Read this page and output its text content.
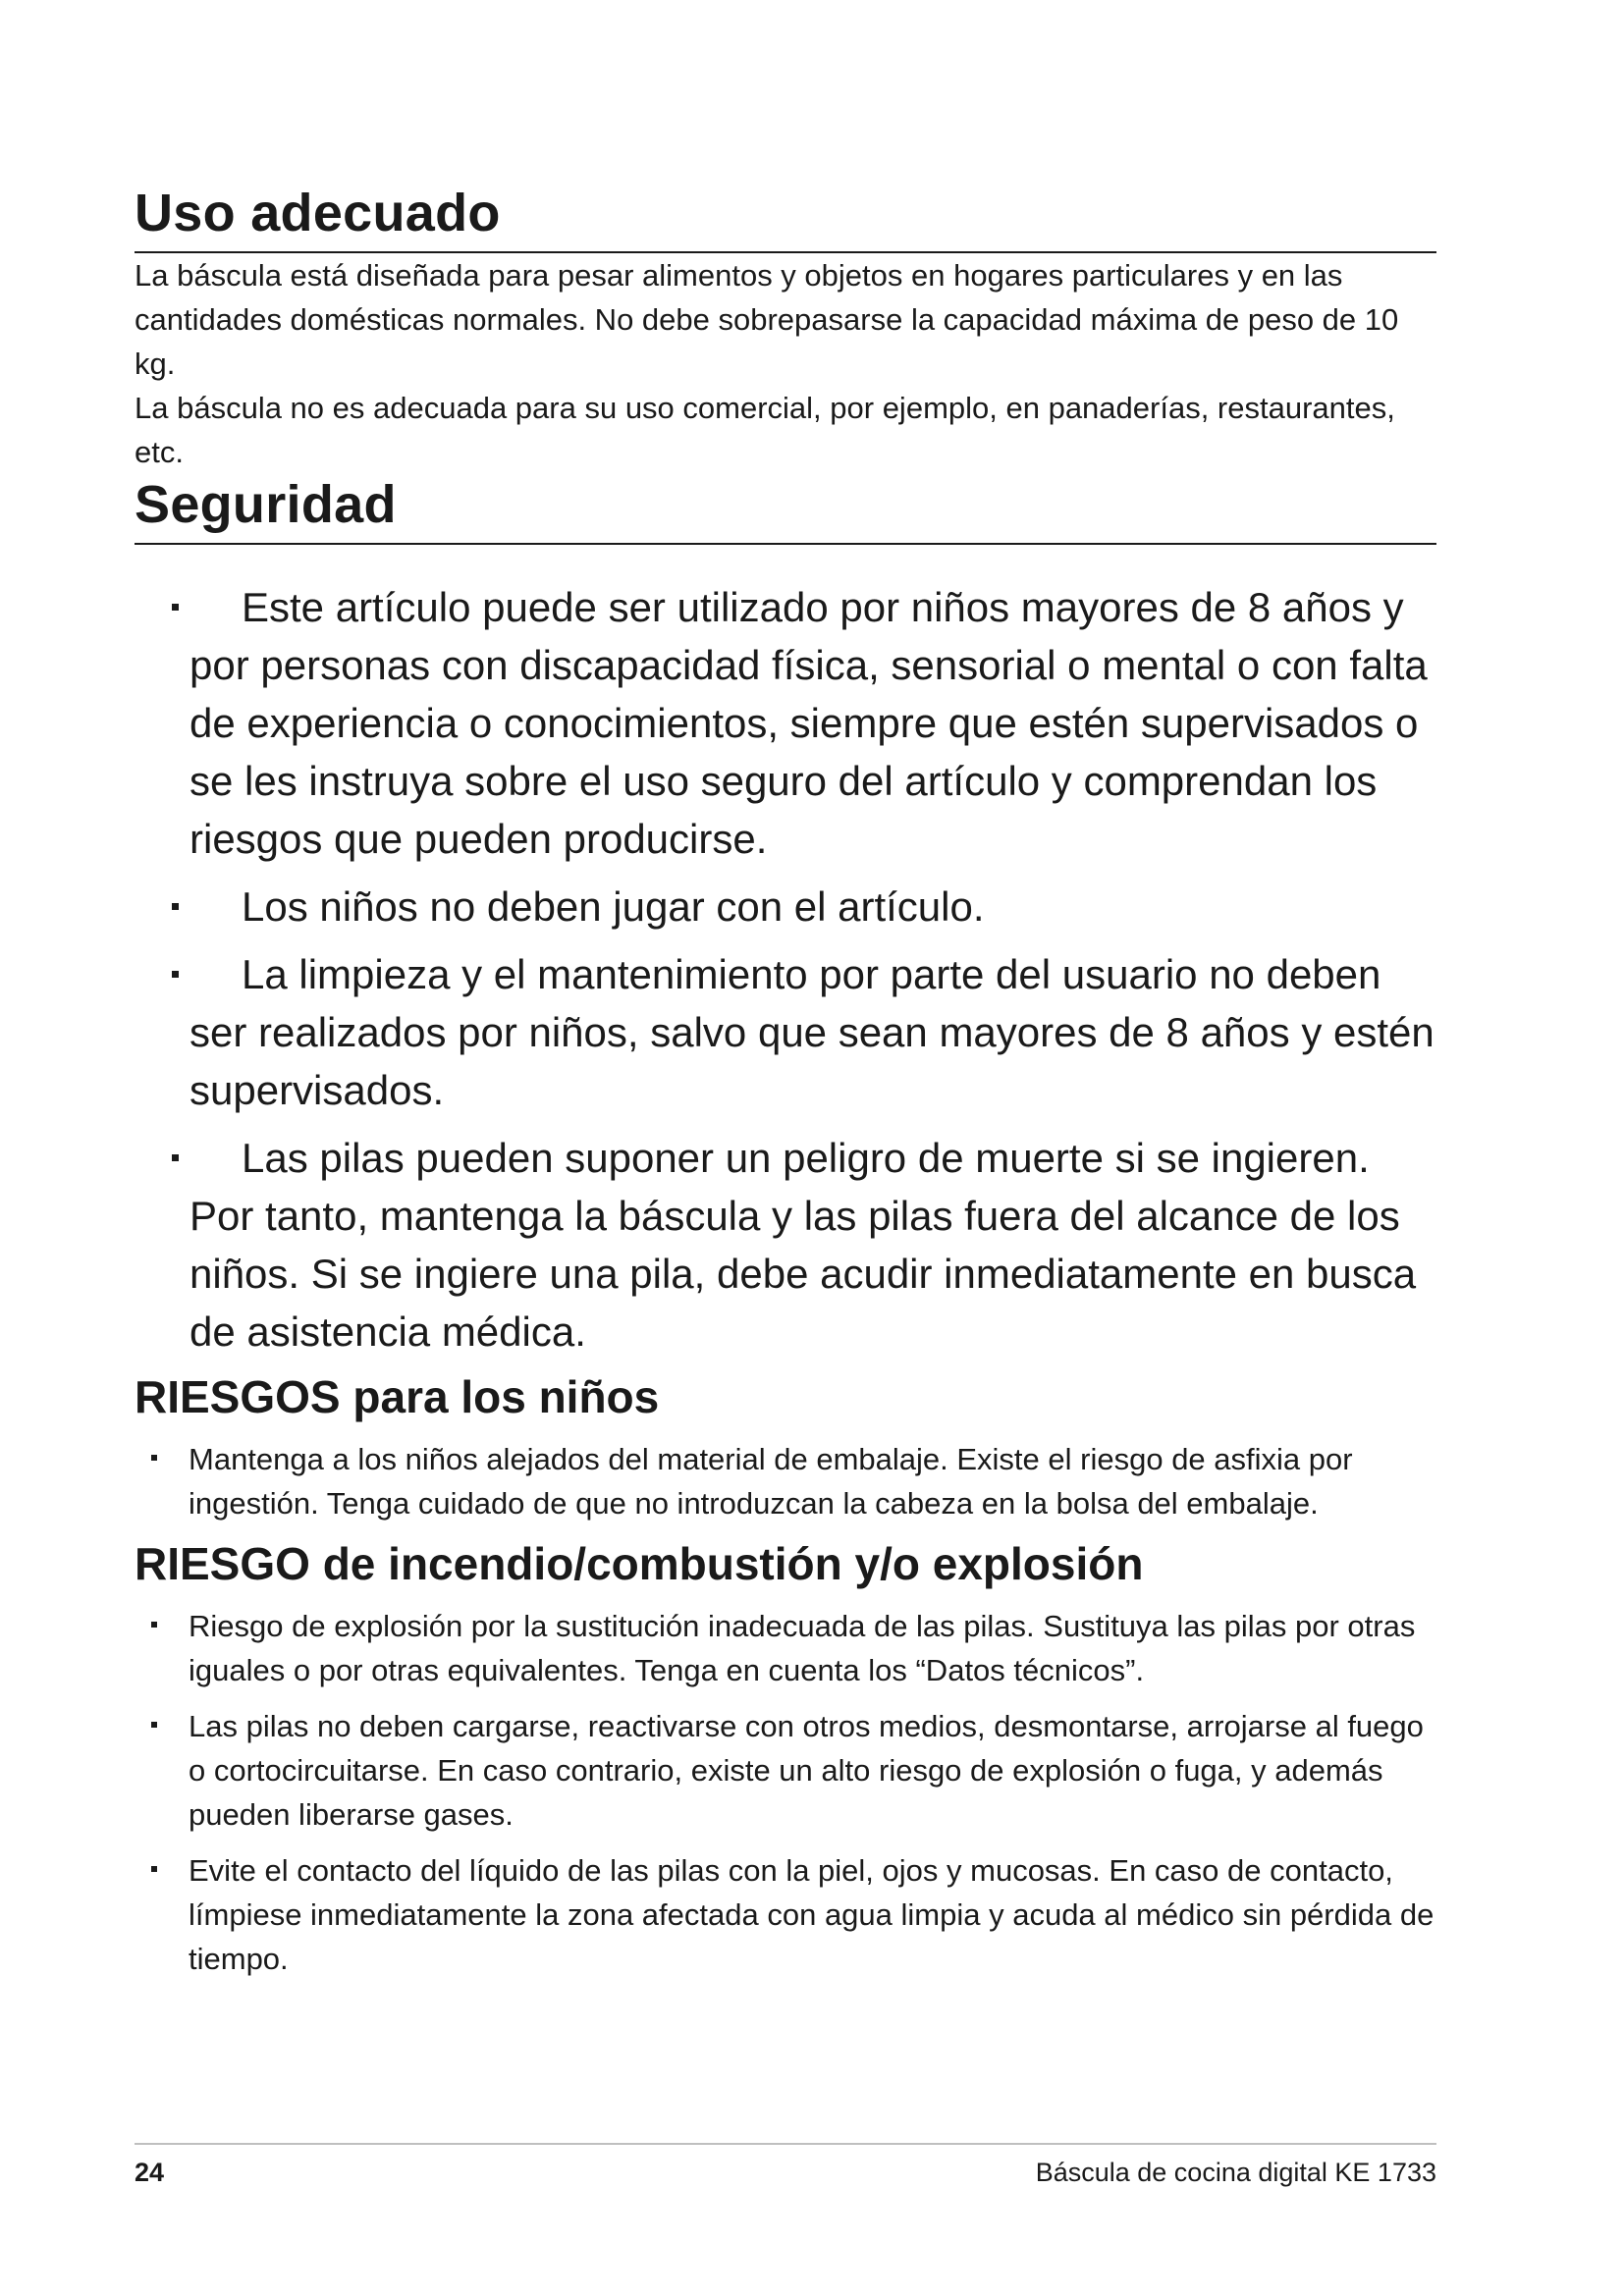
Uso adecuado

La báscula está diseñada para pesar alimentos y objetos en hogares particulares y en las cantidades domésticas normales. No debe sobrepasarse la capacidad máxima de peso de 10 kg.

La báscula no es adecuada para su uso comercial, por ejemplo, en panaderías, restaurantes, etc.

Seguridad
Este artículo puede ser utilizado por niños mayores de 8 años y por personas con discapacidad física, sensorial o mental o con falta de experiencia o conocimientos, siempre que estén supervisados o se les instruya sobre el uso seguro del artículo y comprendan los riesgos que pueden producirse.
Los niños no deben jugar con el artículo.
La limpieza y el mantenimiento por parte del usuario no deben ser realizados por niños, salvo que sean mayores de 8 años y estén supervisados.
Las pilas pueden suponer un peligro de muerte si se ingieren. Por tanto, mantenga la báscula y las pilas fuera del alcance de los niños. Si se ingiere una pila, debe acudir inmediatamente en busca de asistencia médica.
RIESGOS para los niños
Mantenga a los niños alejados del material de embalaje. Existe el riesgo de asfixia por ingestión. Tenga cuidado de que no introduzcan la cabeza en la bolsa del embalaje.
RIESGO de incendio/combustión y/o explosión
Riesgo de explosión por la sustitución inadecuada de las pilas. Sustituya las pilas por otras iguales o por otras equivalentes. Tenga en cuenta los “Datos técnicos”.
Las pilas no deben cargarse, reactivarse con otros medios, desmontarse, arrojarse al fuego o cortocircuitarse. En caso contrario, existe un alto riesgo de explosión o fuga, y además pueden liberarse gases.
Evite el contacto del líquido de las pilas con la piel, ojos y mucosas. En caso de contacto, límpiese inmediatamente la zona afectada con agua limpia y acuda al médico sin pérdida de tiempo.
24	Báscula de cocina digital KE 1733
